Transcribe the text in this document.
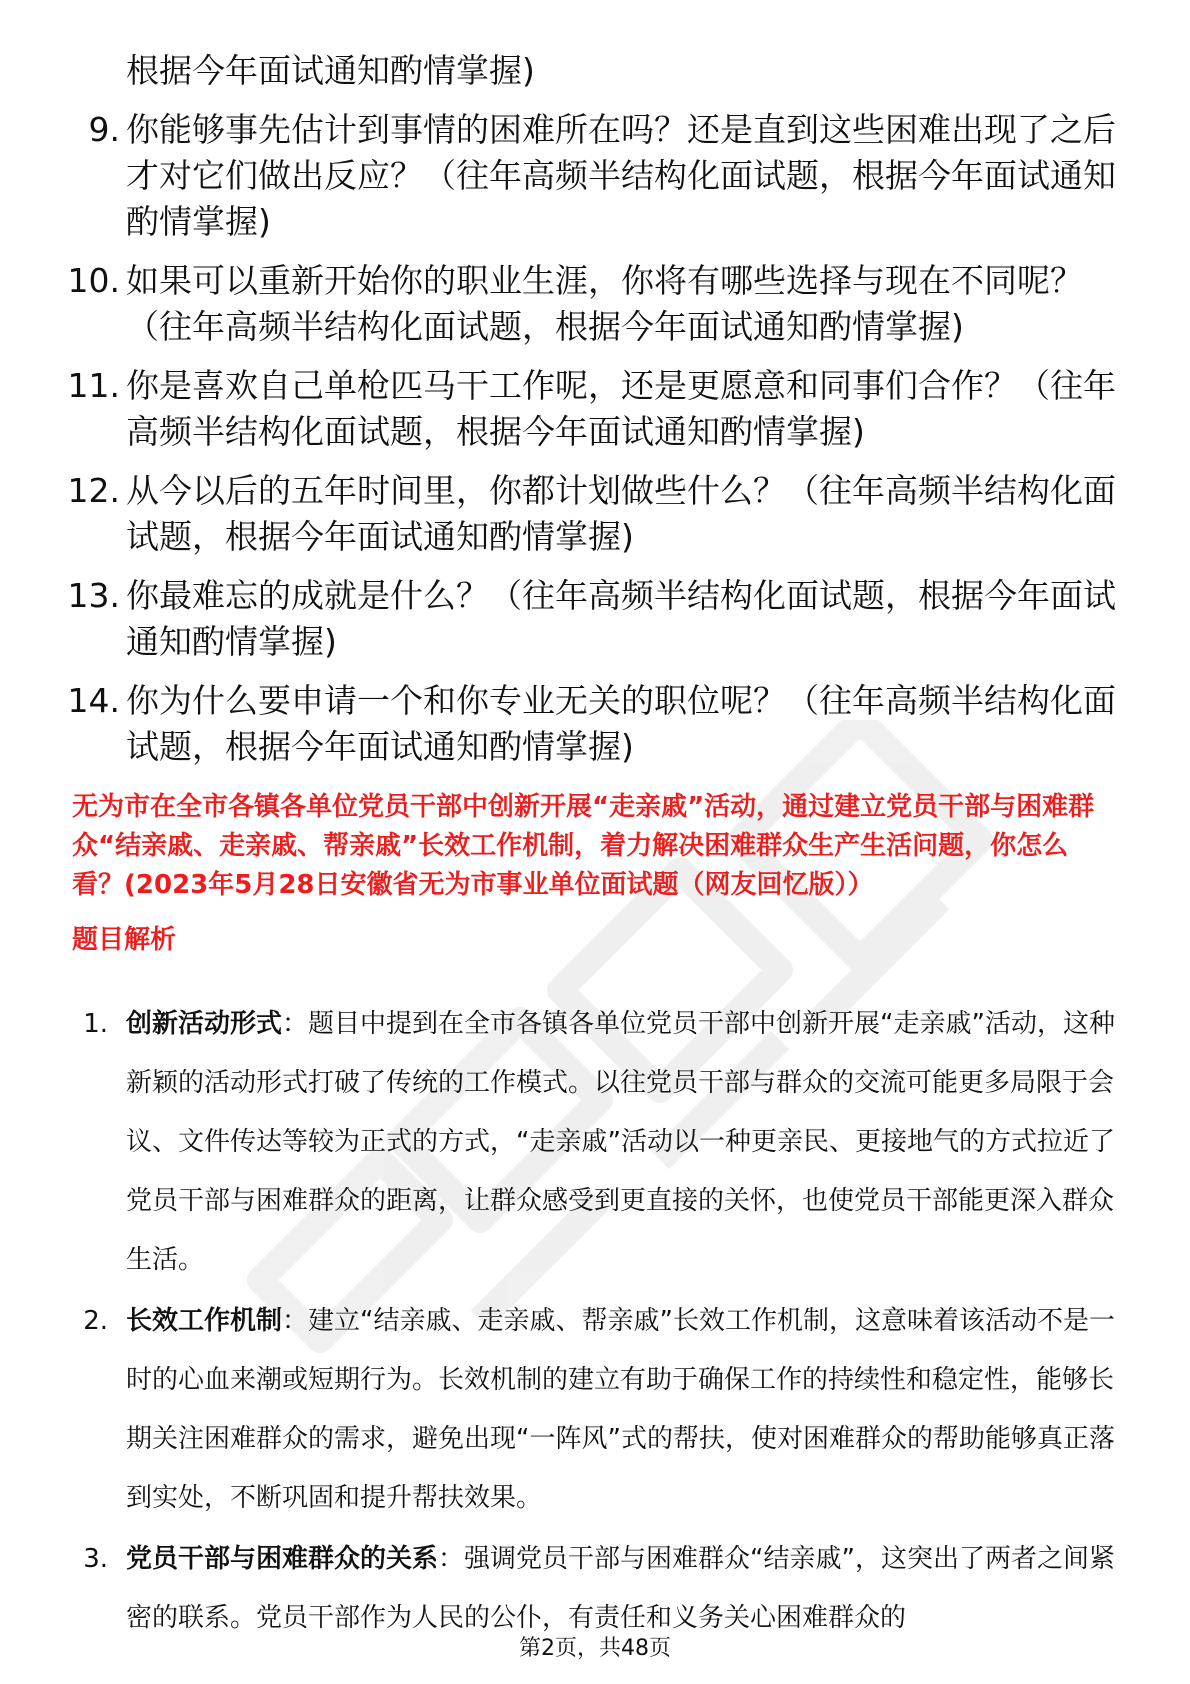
根据今年面试通知酌情掌握)
9. 你能够事先估计到事情的困难所在吗？还是直到这些困难出现了之后才对它们做出反应？（往年高频半结构化面试题，根据今年面试通知酌情掌握)
10. 如果可以重新开始你的职业生涯，你将有哪些选择与现在不同呢？（往年高频半结构化面试题，根据今年面试通知酌情掌握)
11. 你是喜欢自己单枪匹马干工作呢，还是更愿意和同事们合作？（往年高频半结构化面试题，根据今年面试通知酌情掌握)
12. 从今以后的五年时间里，你都计划做些什么？（往年高频半结构化面试题，根据今年面试通知酌情掌握)
13. 你最难忘的成就是什么？（往年高频半结构化面试题，根据今年面试通知酌情掌握)
14. 你为什么要申请一个和你专业无关的职位呢？（往年高频半结构化面试题，根据今年面试通知酌情掌握)
无为市在全市各镇各单位党员干部中创新开展“走亲戚”活动，通过建立党员干部与困难群众“结亲戚、走亲戚、帮亲戚”长效工作机制，着力解决困难群众生产生活问题，你怎么看？(2023年5月28日安徽省无为市事业单位面试题（网友回忆版））
题目解析
1. 创新活动形式：题目中提到在全市各镇各单位党员干部中创新开展“走亲戚”活动，这种新颖的活动形式打破了传统的工作模式。以往党员干部与群众的交流可能更多局限于会议、文件传达等较为正式的方式，“走亲戚”活动以一种更亲民、更接地气的方式拉近了党员干部与困难群众的距离，让群众感受到更直接的关怀，也使党员干部能更深入群众生活。
2. 长效工作机制：建立“结亲戚、走亲戚、帮亲戚”长效工作机制，这意味着该活动不是一时的心血来潮或短期行为。长效机制的建立有助于确保工作的持续性和稳定性，能够长期关注困难群众的需求，避免出现“一阵风”式的帮扶，使对困难群众的帮助能够真正落到实处，不断巩固和提升帮扶效果。
3. 党员干部与困难群众的关系：强调党员干部与困难群众“结亲戚”，这突出了两者之间紧密的联系。党员干部作为人民的公仆，有责任和义务关心困难群众的
第2页，共48页
